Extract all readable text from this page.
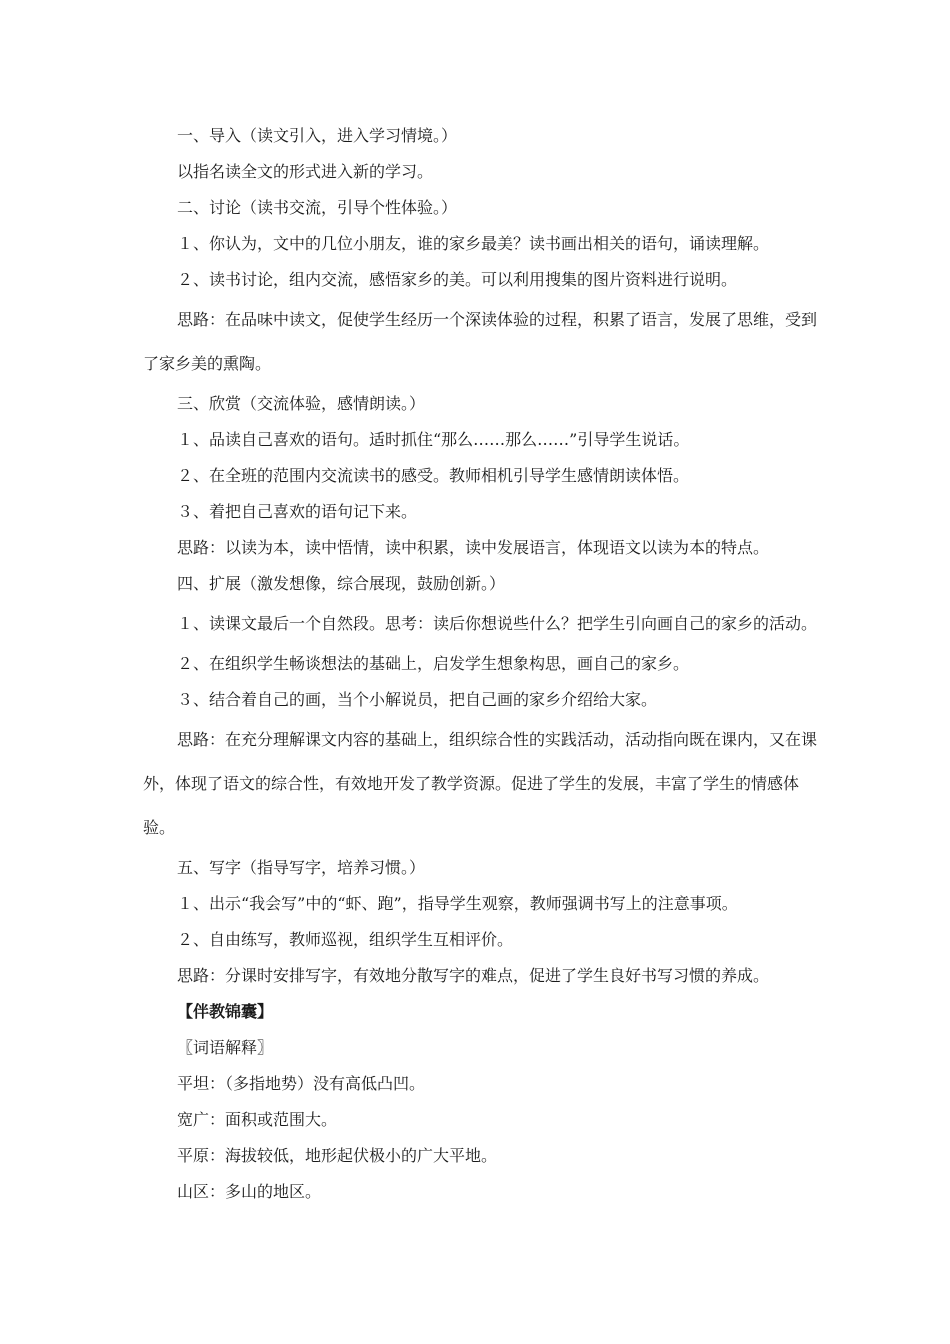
一、导入（读文引入，进入学习情境。）

以指名读全文的形式进入新的学习。

二、讨论（读书交流，引导个性体验。）

１、你认为，文中的几位小朋友，谁的家乡最美？读书画出相关的语句，诵读理解。

２、读书讨论，组内交流，感悟家乡的美。可以利用搜集的图片资料进行说明。

思路：在品味中读文，促使学生经历一个深读体验的过程，积累了语言，发展了思维，受到了家乡美的熏陶。

三、欣赏（交流体验，感情朗读。）

１、品读自己喜欢的语句。适时抓住“那么……那么……”引导学生说话。

２、在全班的范围内交流读书的感受。教师相机引导学生感情朗读体悟。

３、着把自己喜欢的语句记下来。

思路：以读为本，读中悟情，读中积累，读中发展语言，体现语文以读为本的特点。

四、扩展（激发想像，综合展现，鼓励创新。）

１、读课文最后一个自然段。思考：读后你想说些什么？把学生引向画自己的家乡的活动。

２、在组织学生畅谈想法的基础上，启发学生想象构思，画自己的家乡。

３、结合着自己的画，当个小解说员，把自己画的家乡介绍给大家。

思路：在充分理解课文内容的基础上，组织综合性的实践活动，活动指向既在课内，又在课外，体现了语文的综合性，有效地开发了教学资源。促进了学生的发展，丰富了学生的情感体验。

五、写字（指导写字，培养习惯。）

１、出示“我会写”中的“虾、跑”，指导学生观察，教师强调书写上的注意事项。

２、自由练写，教师巡视，组织学生互相评价。

思路：分课时安排写字，有效地分散写字的难点，促进了学生良好书写习惯的养成。

【伴教锦囊】

〖词语解释〗

平坦：（多指地势）没有高低凸凹。

宽广：面积或范围大。

平原：海拔较低，地形起伏极小的广大平地。

山区：多山的地区。
